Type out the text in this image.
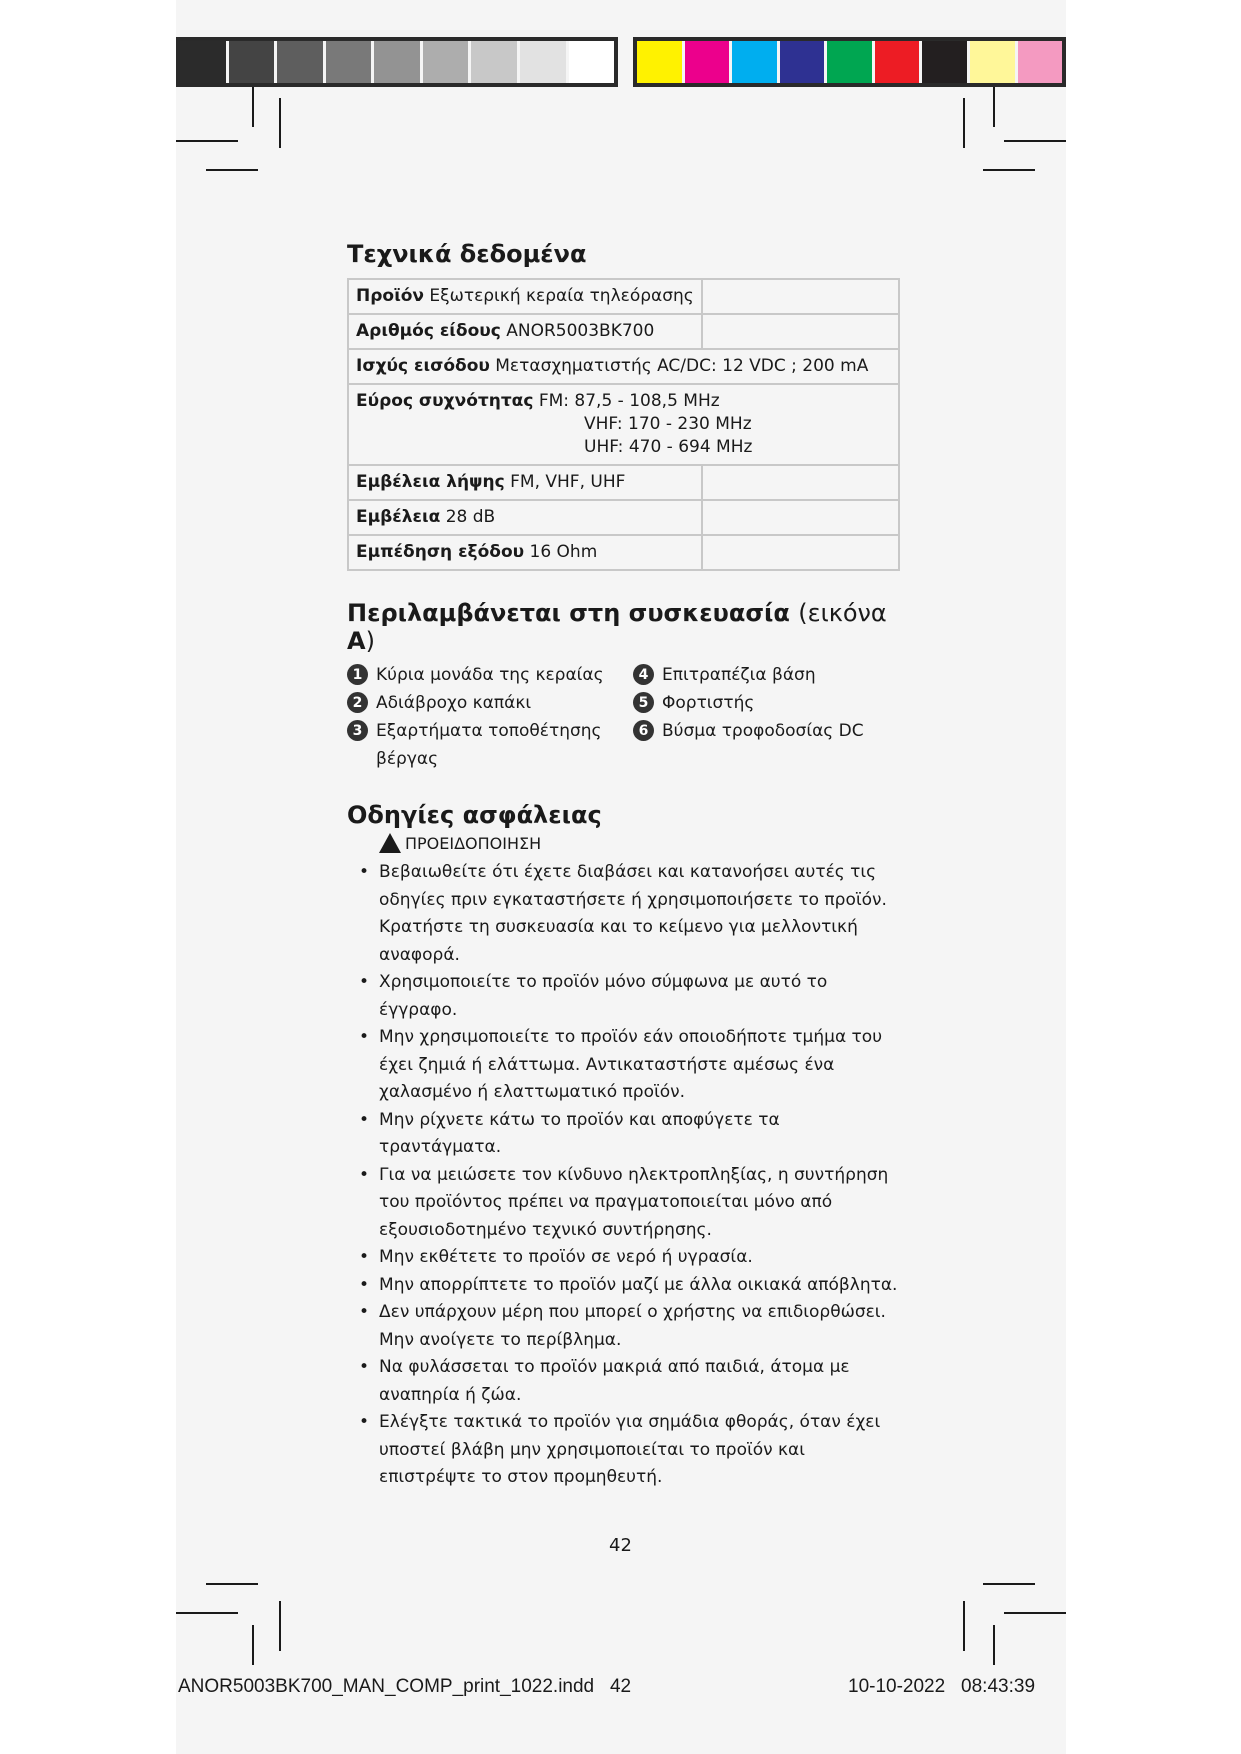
Τεχνικά δεδομένα
Προϊόν Εξωτερική κεραία τηλεόρασης	
Αριθμός είδους ANOR5003BK700	
Ισχύς εισόδου Μετασχηματιστής AC/DC: 12 VDC ; 200 mA	
Εύρος συχνότητας FM: 87,5 - 108,5 MHz
VHF: 170 - 230 MHz
UHF: 470 - 694 MHz	
Εμβέλεια λήψης FM, VHF, UHF	
Εμβέλεια 28 dB	
Εμπέδηση εξόδου 16 Ohm	
Περιλαμβάνεται στη συσκευασία (εικόνα A)
1 Κύρια μονάδα της κεραίας
2 Αδιάβροχο καπάκι
3 Εξαρτήματα τοποθέτησης βέργας
4 Επιτραπέζια βάση
5 Φορτιστής
6 Βύσμα τροφοδοσίας DC
Οδηγίες ασφάλειας
ΠΡΟΕΙΔΟΠΟΙΗΣΗ
• Βεβαιωθείτε ότι έχετε διαβάσει και κατανοήσει αυτές τις οδηγίες πριν εγκαταστήσετε ή χρησιμοποιήσετε το προϊόν. Κρατήστε τη συσκευασία και το κείμενο για μελλοντική αναφορά.
• Χρησιμοποιείτε το προϊόν μόνο σύμφωνα με αυτό το έγγραφο.
• Μην χρησιμοποιείτε το προϊόν εάν οποιοδήποτε τμήμα του έχει ζημιά ή ελάττωμα. Αντικαταστήστε αμέσως ένα χαλασμένο ή ελαττωματικό προϊόν.
• Μην ρίχνετε κάτω το προϊόν και αποφύγετε τα τραντάγματα.
• Για να μειώσετε τον κίνδυνο ηλεκτροπληξίας, η συντήρηση του προϊόντος πρέπει να πραγματοποιείται μόνο από εξουσιοδοτημένο τεχνικό συντήρησης.
• Μην εκθέτετε το προϊόν σε νερό ή υγρασία.
• Μην απορρίπτετε το προϊόν μαζί με άλλα οικιακά απόβλητα.
• Δεν υπάρχουν μέρη που μπορεί ο χρήστης να επιδιορθώσει. Μην ανοίγετε το περίβλημα.
• Να φυλάσσεται το προϊόν μακριά από παιδιά, άτομα με αναπηρία ή ζώα.
• Ελέγξτε τακτικά το προϊόν για σημάδια φθοράς, όταν έχει υποστεί βλάβη μην χρησιμοποιείται το προϊόν και επιστρέψτε το στον προμηθευτή.
42
ANOR5003BK700_MAN_COMP_print_1022.indd 42	10-10-2022 08:43:39
